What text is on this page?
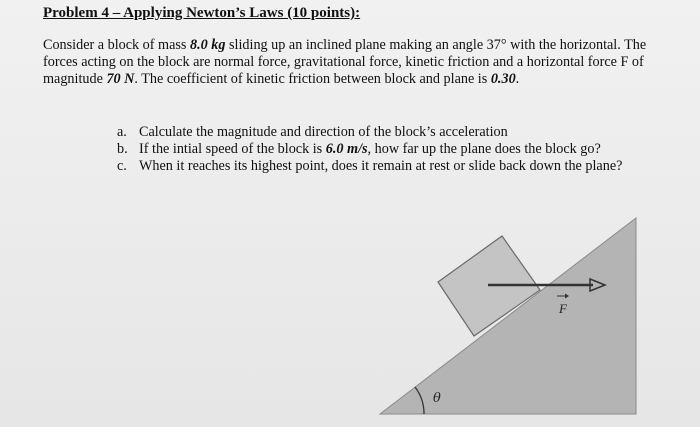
Problem 4 – Applying Newton’s Laws (10 points):
Consider a block of mass 8.0 kg sliding up an inclined plane making an angle 37° with the horizontal. The forces acting on the block are normal force, gravitational force, kinetic friction and a horizontal force F of magnitude 70 N. The coefficient of kinetic friction between block and plane is 0.30.
a. Calculate the magnitude and direction of the block’s acceleration
b. If the intial speed of the block is 6.0 m/s, how far up the plane does the block go?
c. When it reaches its highest point, does it remain at rest or slide back down the plane?
F
θ
